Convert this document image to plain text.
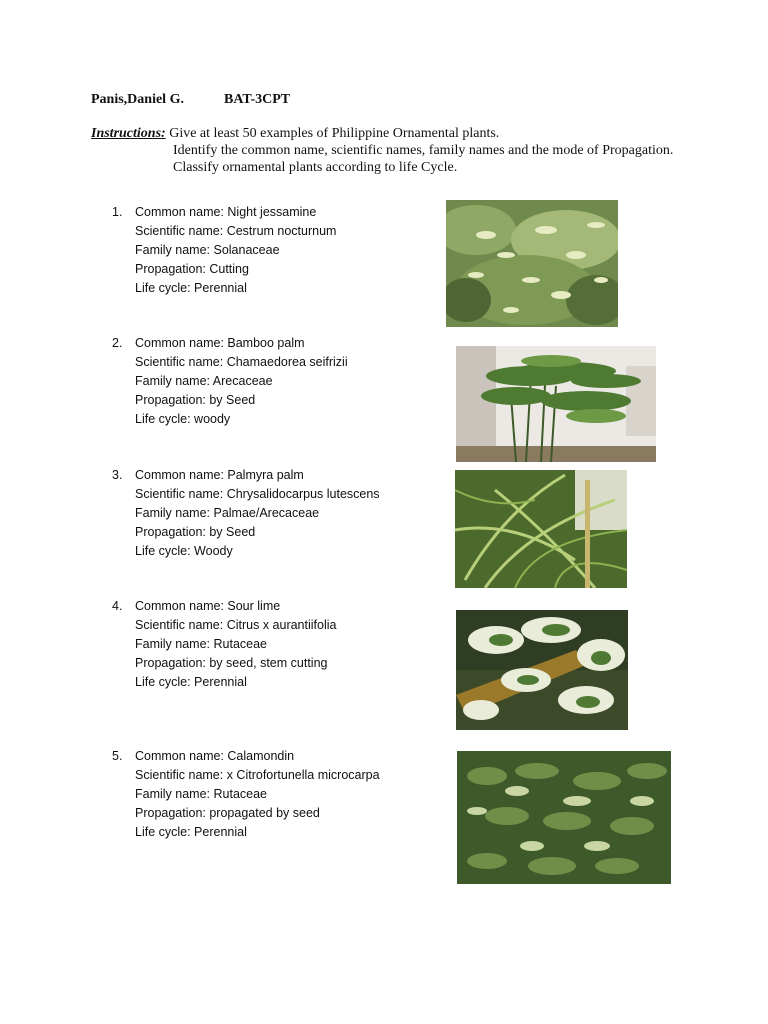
Panis,Daniel G.	BAT-3CPT
Instructions: Give at least 50 examples of Philippine Ornamental plants.
Identify the common name, scientific names, family names and the mode of Propagation.
Classify ornamental plants according to life Cycle.
1. Common name: Night jessamine
Scientific name: Cestrum nocturnum
Family name: Solanaceae
Propagation: Cutting
Life cycle: Perennial
2. Common name: Bamboo palm
Scientific name: Chamaedorea seifrizii
Family name: Arecaceae
Propagation: by Seed
Life cycle: woody
3. Common name: Palmyra palm
Scientific name: Chrysalidocarpus lutescens
Family name: Palmae/Arecaceae
Propagation: by Seed
Life cycle: Woody
4. Common name: Sour lime
Scientific name: Citrus x aurantiifolia
Family name: Rutaceae
Propagation: by seed, stem cutting
Life cycle: Perennial
5. Common name: Calamondin
Scientific name: x Citrofortunella microcarpa
Family name: Rutaceae
Propagation: propagated by seed
Life cycle: Perennial
